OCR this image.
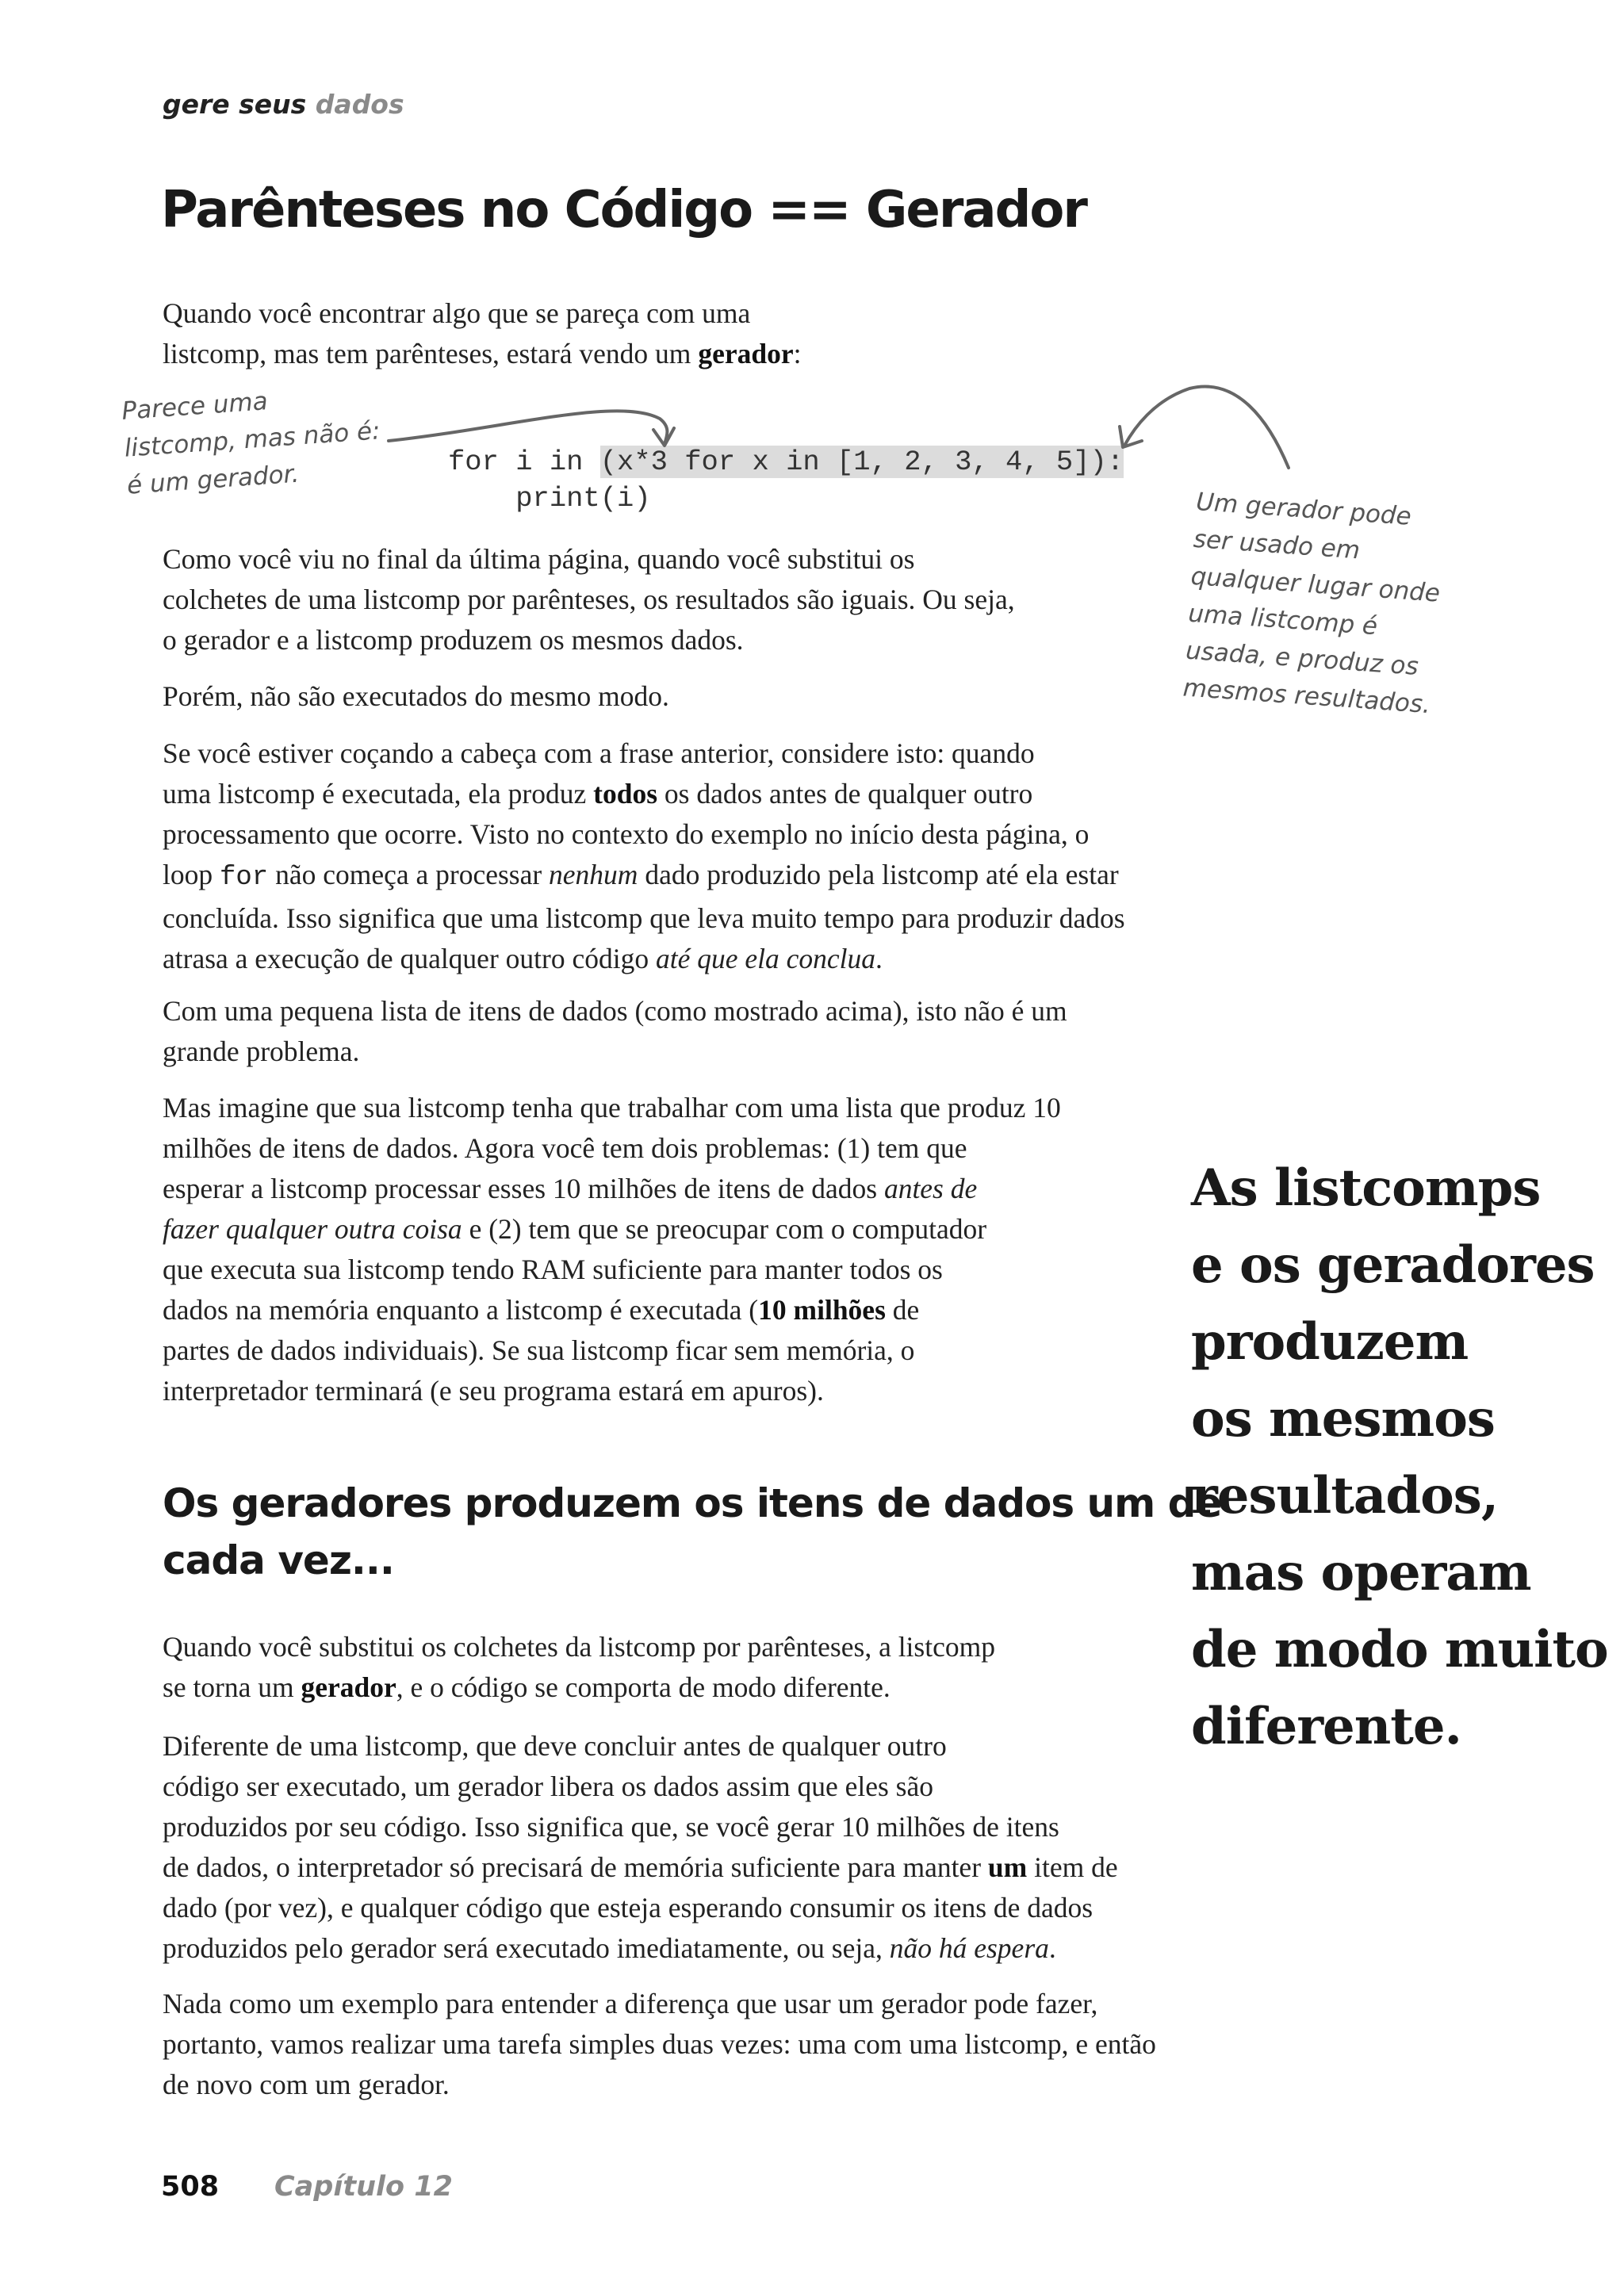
gere seus dados
Parênteses no Código == Gerador

Quando você encontrar algo que se pareça com uma
listcomp, mas tem parênteses, estará vendo um gerador:

Parece uma
listcomp, mas não é:
é um gerador.	for i in (x*3 for x in [1, 2, 3, 4, 5]):
print(i)	Um gerador pode
ser usado em
qualquer lugar onde
uma listcomp é
usada, e produz os
mesmos resultados.

Como você viu no final da última página, quando você substitui os
colchetes de uma listcomp por parênteses, os resultados são iguais. Ou seja,
o gerador e a listcomp produzem os mesmos dados.

Porém, não são executados do mesmo modo.

Se você estiver coçando a cabeça com a frase anterior, considere isto: quando
uma listcomp é executada, ela produz todos os dados antes de qualquer outro
processamento que ocorre. Visto no contexto do exemplo no início desta página, o
loop for não começa a processar nenhum dado produzido pela listcomp até ela estar
concluída. Isso significa que uma listcomp que leva muito tempo para produzir dados
atrasa a execução de qualquer outro código até que ela conclua.

Com uma pequena lista de itens de dados (como mostrado acima), isto não é um
grande problema.

Mas imagine que sua listcomp tenha que trabalhar com uma lista que produz 10
milhões de itens de dados. Agora você tem dois problemas: (1) tem que
esperar a listcomp processar esses 10 milhões de itens de dados antes de
fazer qualquer outra coisa e (2) tem que se preocupar com o computador
que executa sua listcomp tendo RAM suficiente para manter todos os
dados na memória enquanto a listcomp é executada (10 milhões de
partes de dados individuais). Se sua listcomp ficar sem memória, o
interpretador terminará (e seu programa estará em apuros).

As listcomps
e os geradores
produzem
os mesmos
resultados,
mas operam
de modo muito
diferente.
Os geradores produzem os itens de dados um de
cada vez...

Quando você substitui os colchetes da listcomp por parênteses, a listcomp
se torna um gerador, e o código se comporta de modo diferente.

Diferente de uma listcomp, que deve concluir antes de qualquer outro
código ser executado, um gerador libera os dados assim que eles são
produzidos por seu código. Isso significa que, se você gerar 10 milhões de itens
de dados, o interpretador só precisará de memória suficiente para manter um item de
dado (por vez), e qualquer código que esteja esperando consumir os itens de dados
produzidos pelo gerador será executado imediatamente, ou seja, não há espera.

Nada como um exemplo para entender a diferença que usar um gerador pode fazer,
portanto, vamos realizar uma tarefa simples duas vezes: uma com uma listcomp, e então
de novo com um gerador.

508 Capítulo 12
